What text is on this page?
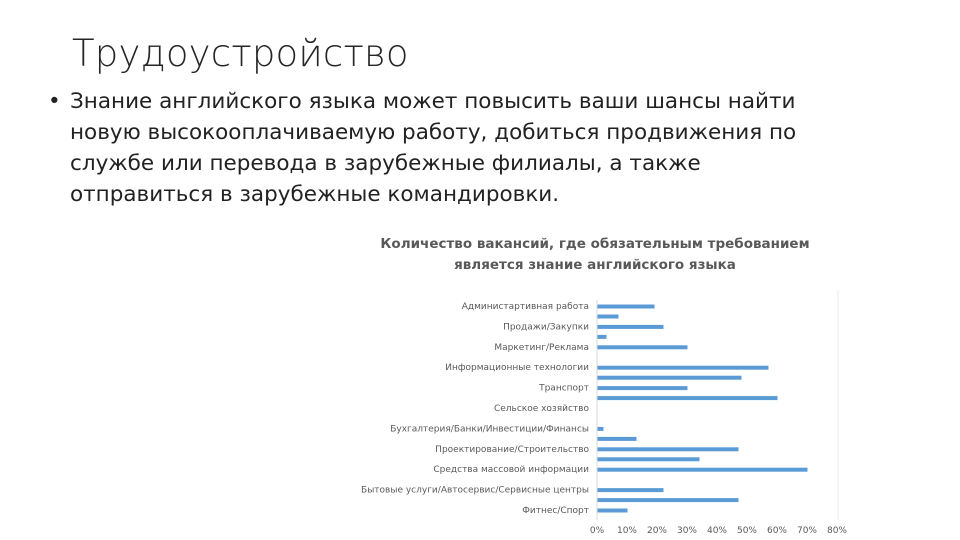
Трудоустройство
• Знание английского языка может повысить ваши шансы найти новую высокооплачиваемую работу, добиться продвижения по службе или перевода в зарубежные филиалы, а также отправиться в зарубежные командировки.
Количество вакансий, где обязательным требованием является знание английского языка
Администартивная работа
Продажи/Закупки
Маркетинг/Реклама
Информационные технологии
Транспорт
Сельское хозяйство
Бухгалтерия/Банки/Инвестиции/Финансы
Проектирование/Строительство
Средства массовой информации
Бытовые услуги/Автосервис/Сервисные центры
Фитнес/Спорт
0% 10% 20% 30% 40% 50% 60% 70% 80%
